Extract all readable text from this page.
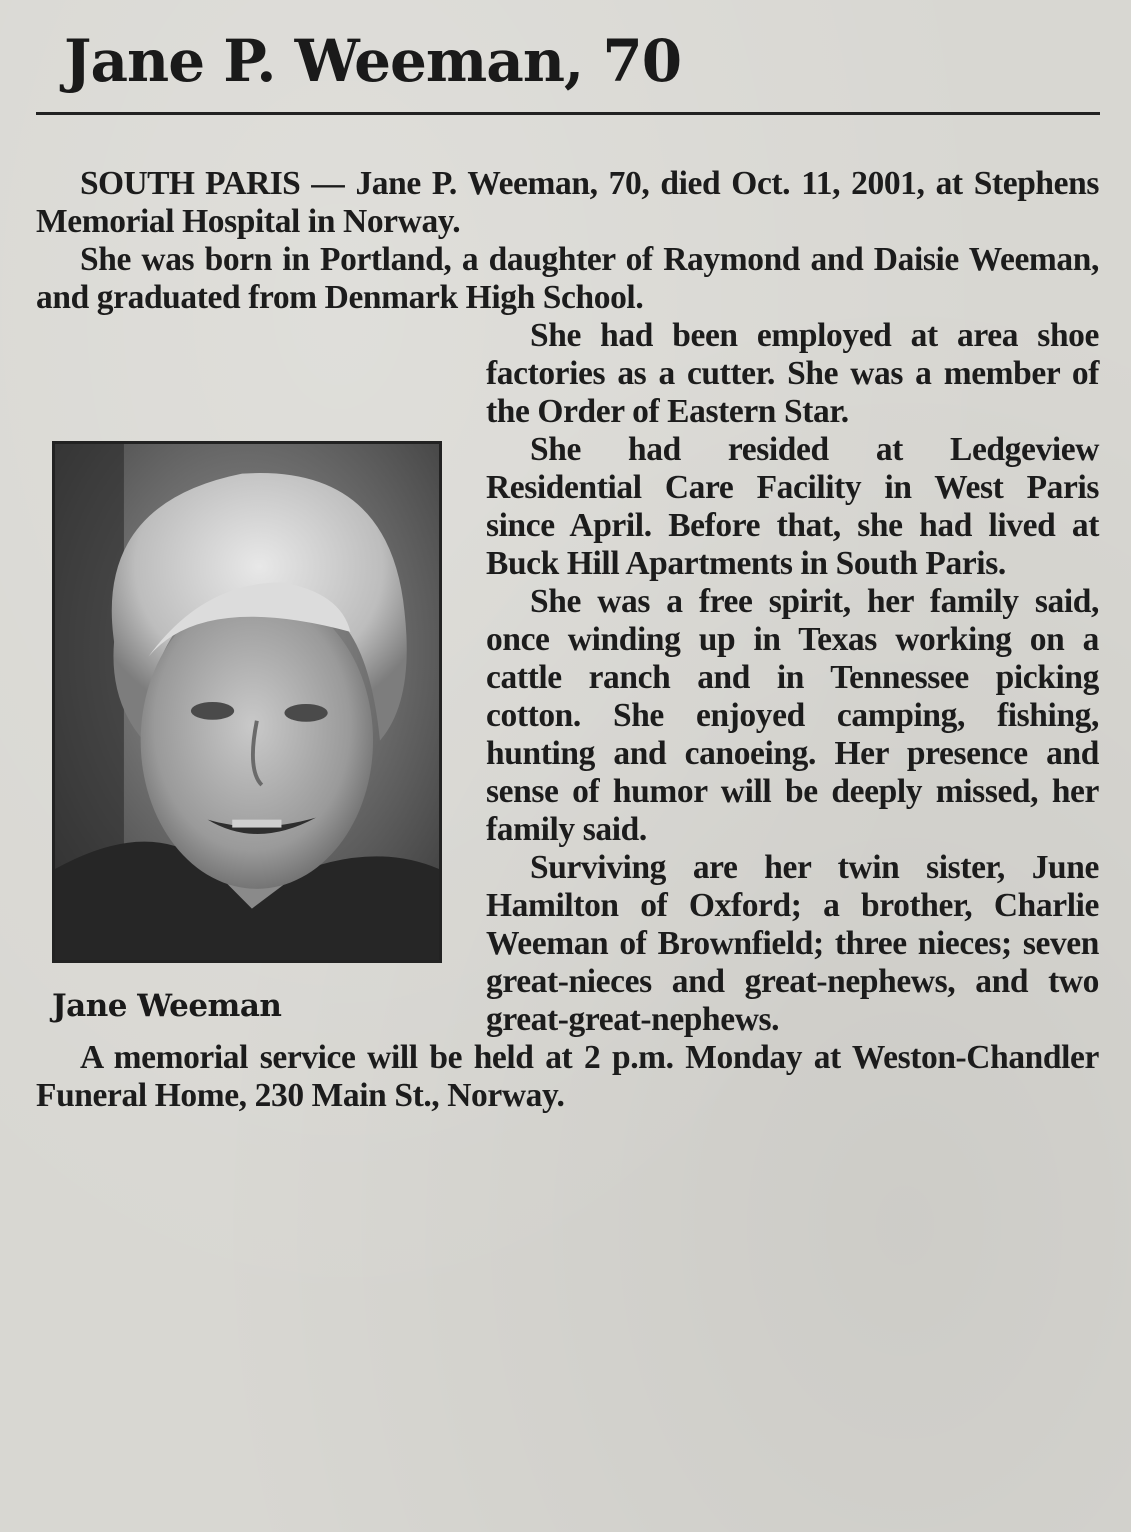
Jane P. Weeman, 70

SOUTH PARIS — Jane P. Weeman, 70, died Oct. 11, 2001, at Stephens Memorial Hospital in Norway.

She was born in Portland, a daughter of Raymond and Daisie Weeman, and graduated from Denmark High School.

Jane Weeman

She had been employed at area shoe factories as a cutter. She was a member of the Order of Eastern Star.

She had resided at Ledgeview Residential Care Facility in West Paris since April. Before that, she had lived at Buck Hill Apartments in South Paris.

She was a free spirit, her family said, once winding up in Texas working on a cattle ranch and in Tennessee picking cotton. She enjoyed camping, fishing, hunting and canoeing. Her presence and sense of humor will be deeply missed, her family said.

Surviving are her twin sister, June Hamilton of Oxford; a brother, Charlie Weeman of Brownfield; three nieces; seven great-nieces and great-nephews, and two great-great-nephews.

A memorial service will be held at 2 p.m. Monday at Weston-Chandler Funeral Home, 230 Main St., Norway.
